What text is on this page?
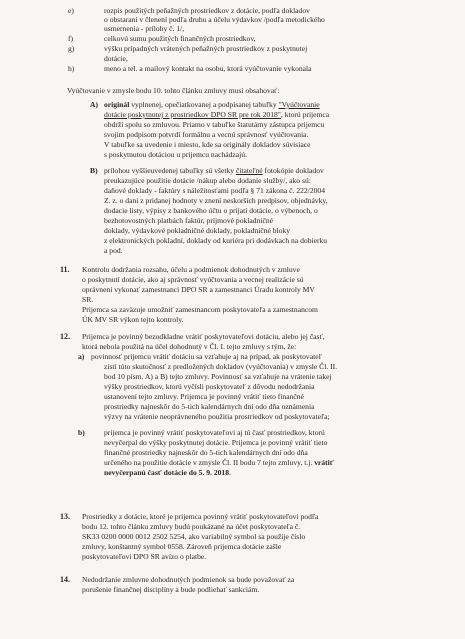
e)	rozpis použitých peňažných prostriedkov z dotácie, podľa dokladov
o obstaraní v členení podľa druhu a účelu výdavkov /podľa metodického
usmernenia - prílohy č. 1/,
f)	celkovú sumu použitých finančných prostriedkov,
g)	výšku prípadných vrátených peňažných prostriedkov z poskytnutej
dotácie,
h)	meno a tel. a mailový kontakt na osobu, ktorá vyúčtovanie vykonala
Vyúčtovanie v zmysle bodu 10. tohto článku zmluvy musí obsahovať:
A) originál vyplnenej, opečiatkovanej a podpísanej tabuľky "Vyúčtovanie
dotácie poskytnutej z prostriedkov DPO SR pre rok 2018", ktorú prijemca
obdrží spolu so zmluvou. Priamo v tabuľke štatutárny zástupca prijemcu
svojim podpisom potvrdí formálnu a vecnú správnosť vyúčtovania.
V tabuľke sa uvedenie i miesto, kde sa originály dokladov súvisiace
s poskytnutou dotáciou u prijemcu nachádzajú.
B) prílohou vyššieuvedenej tabuľky sú všetky čitateľné fotokópie dokladov
preukazujúce použitie dotácie /nákup alebo dodanie služby/, ako sú:
daňové doklady - faktúry s náležitosťami podľa § 71 zákona č. 222/2004
Z. z. o dani z pridanej hodnoty v znení neskorších predpisov, objednávky,
dodacie listy, výpisy z bankového účtu o prijatí dotácie, o výbenoch, o
bezhotovostných platbách faktúr, príjmové pokladničné
doklady, výdavkové pokladničné doklady, pokladničné bloky
z elektronických pokladní, doklady od kuriéra pri dodávkach na dobierku
a pod.
11. Kontrolu dodržania rozsahu, účelu a podmienok dohodnutých v zmluve
o poskytnutí dotácie, ako aj správnosť vyúčtovania a vecnej realizácie sú
oprávnení vykonať zamestnanci DPO SR a zamestnanci Úradu kontroly MV
SR.
Prijemca sa zaväzuje umožniť zamestnancom poskytovateľa a zamestnancom
ÚK MV SR výkon tejto kontroly.
12. Prijemca je povinný bezodkladne vrátiť poskytovateľovi dotáciu, alebo jej časť,
ktorá nebola použitá na účel dohodnutý v Čl. I. tejto zmluvy s tým, že:
a) povinnosť prijemcu vrátiť dotáciu sa vzťahuje aj na prípad, ak poskytovateľ
zistí túto skutočnosť z predložených dokladov (vyúčtovania) v zmysle Čl. II.
bod 10 písm. A) a B) tejto zmluvy. Povinnosť sa vzťahuje na vrátenie takej
výšky prostriedkov, ktorú vyčísli poskytovateľ z dôvodu nedodržania
ustanovení tejto zmluvy. Prijemca je povinný vrátiť tieto finančné
prostriedky najneskôr do 5-tich kalendárnych dní odo dňa oznámenia
výzvy na vrátenie neoprávneného použitia prostriedkov od poskytovateľa;
b)	prijemca je povinný vrátiť poskytovateľovi aj tú časť prostriedkov, ktorú
nevyčerpal do výšky poskytnutej dotácie. Prijemca je povinný vrátiť tieto
finančné prostriedky najneskôr do 5-tich kalendárnych dní odo dňa
určeného na použitie dotácie v zmysle Čl. II bodu 7 tejto zmluvy, t.j. vrátiť
nevyčerpanú časť dotácie do 5. 9. 2018.
13. Prostriedky z dotácie, ktoré je prijemca povinný vrátiť poskytovateľovi podľa
bodu 12. tohto článku zmluvy budú poukázané na účet poskytovateľa č.
SK33 0200 0000 0012 2502 5254, ako variabilný symbol sa použije číslo
zmluvy, konštantný symbol 0558. Zároveň prijemca dotácie zašle
poskytovateľovi DPO SR avízo o platbe.
14. Nedodržanie zmluvne dohodnutých podmienok sa bude považovať za
porušenie finančnej disciplíny a bude podliehať sankciám.
